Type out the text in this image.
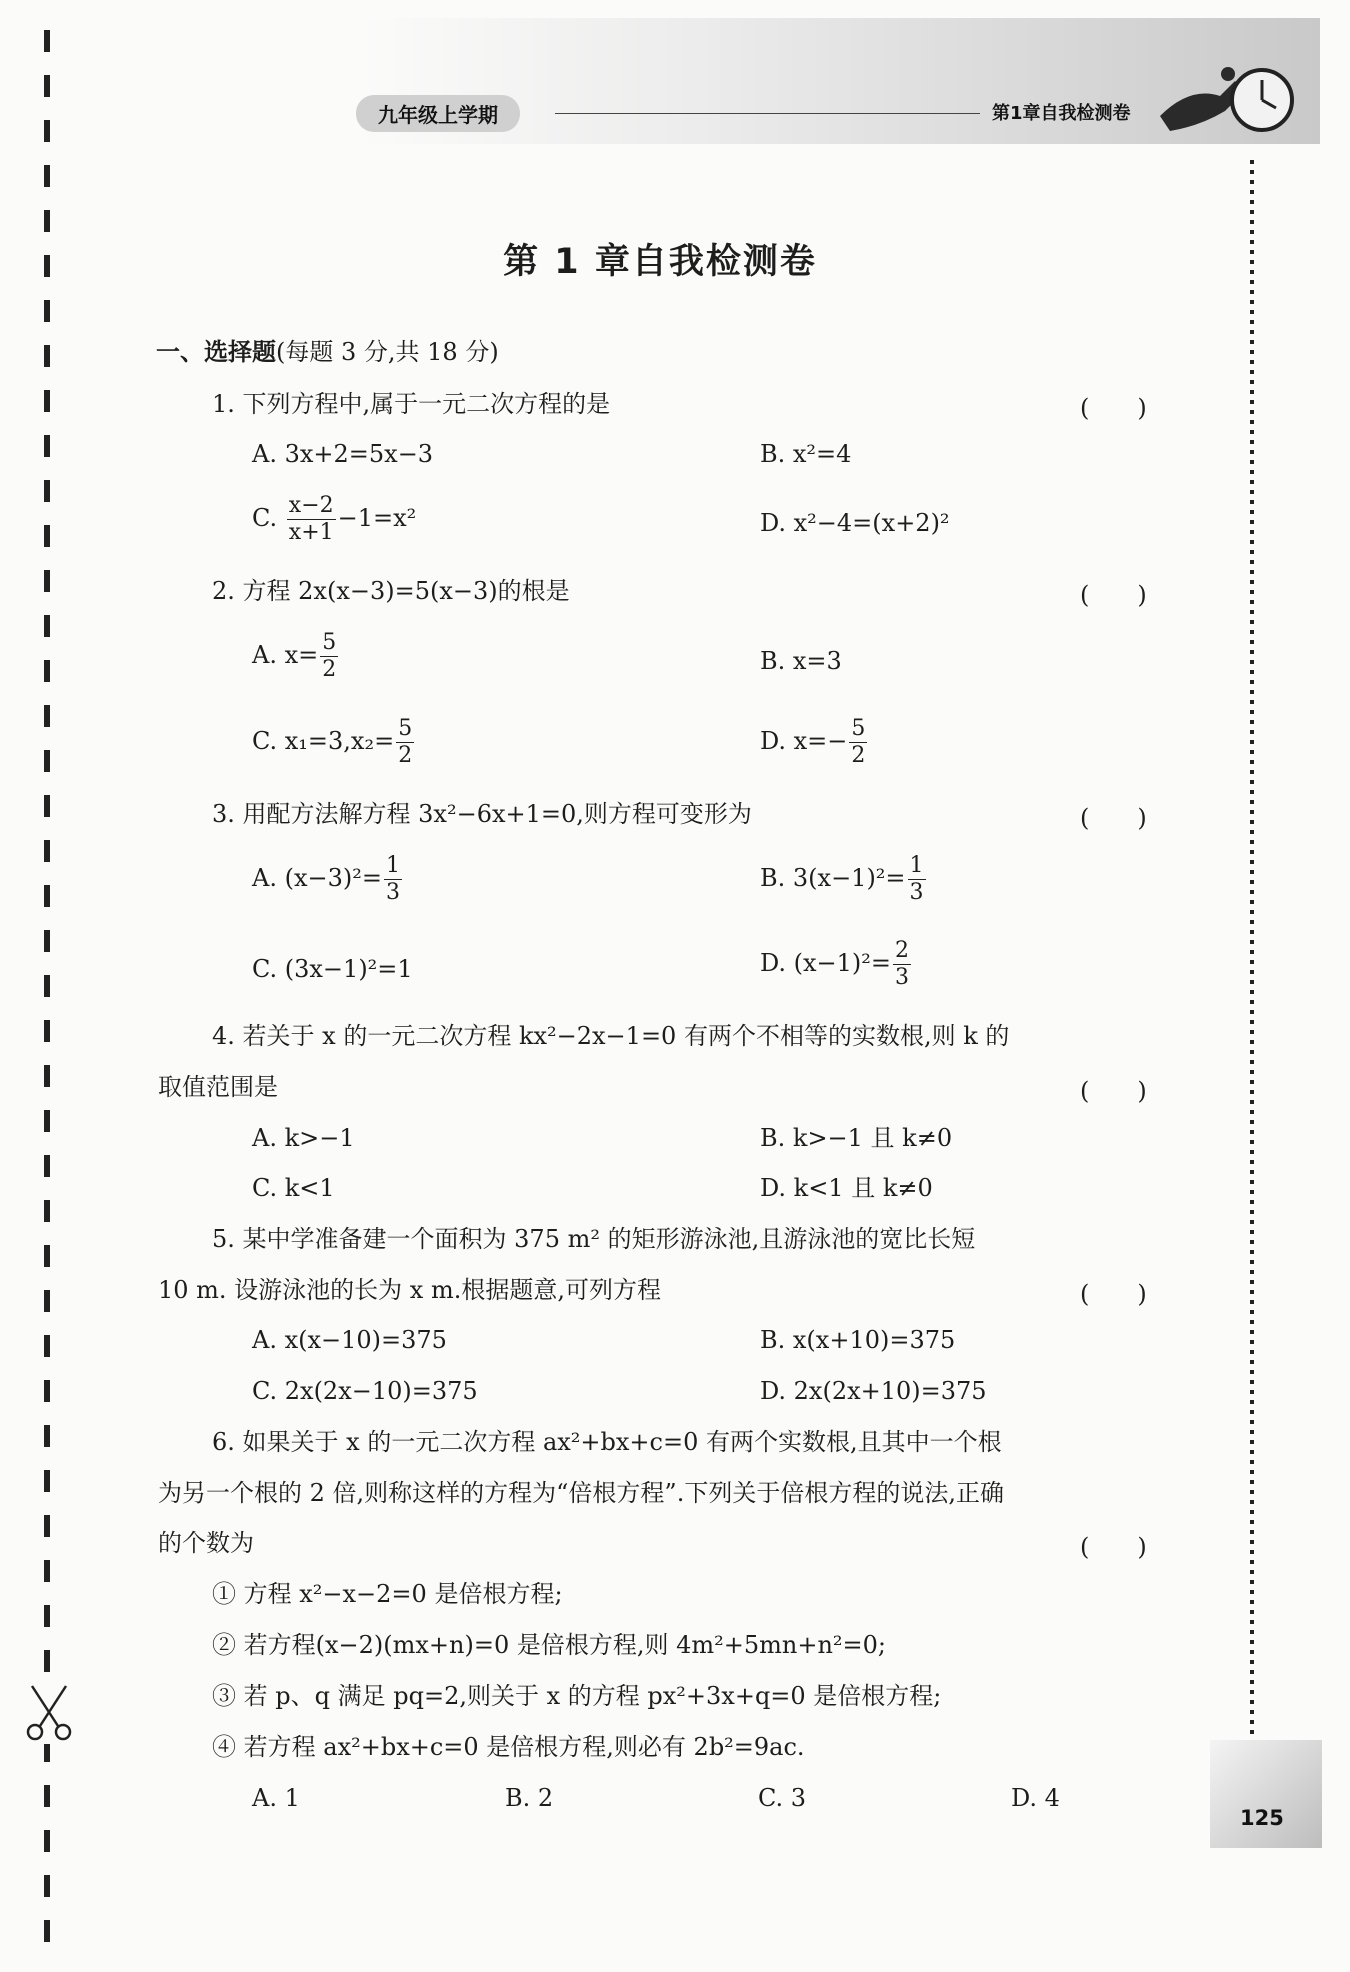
九年级上学期	第1章自我检测卷
125
第 1 章自我检测卷
一、选择题(每题 3 分,共 18 分)
1. 下列方程中,属于一元二次方程的是	(　　)
A. 3x+2=5x−3	B. x²=4
C. $\frac{x-2}{x+1} -1=x^2$	D. x²−4=(x+2)²
2. 方程 2x(x−3)=5(x−3)的根是	(　　)
A. $x= \frac{5}{2}$	B. x=3
C. $x_1=3,x_2= \frac{5}{2}$	D. $x=- \frac{5}{2}$
3. 用配方法解方程 3x²−6x+1=0,则方程可变形为	(　　)
A. $(x-3)^2= \frac{1}{3}$	B. $3(x-1)^2= \frac{1}{3}$
C. (3x−1)²=1	D. $(x-1)^2= \frac{2}{3}$
4. 若关于 x 的一元二次方程 kx²−2x−1=0 有两个不相等的实数根,则 k 的
取值范围是	(　　)
A. k>−1	B. k>−1 且 k≠0
C. k<1	D. k<1 且 k≠0
5. 某中学准备建一个面积为 375 m² 的矩形游泳池,且游泳池的宽比长短
10 m. 设游泳池的长为 x m.根据题意,可列方程	(　　)
A. x(x−10)=375	B. x(x+10)=375
C. 2x(2x−10)=375	D. 2x(2x+10)=375
6. 如果关于 x 的一元二次方程 ax²+bx+c=0 有两个实数根,且其中一个根
为另一个根的 2 倍,则称这样的方程为“倍根方程”.下列关于倍根方程的说法,正确
的个数为	(　　)
① 方程 x²−x−2=0 是倍根方程;
② 若方程(x−2)(mx+n)=0 是倍根方程,则 4m²+5mn+n²=0;
③ 若 p、q 满足 pq=2,则关于 x 的方程 px²+3x+q=0 是倍根方程;
④ 若方程 ax²+bx+c=0 是倍根方程,则必有 2b²=9ac.
A. 1	B. 2	C. 3	D. 4
